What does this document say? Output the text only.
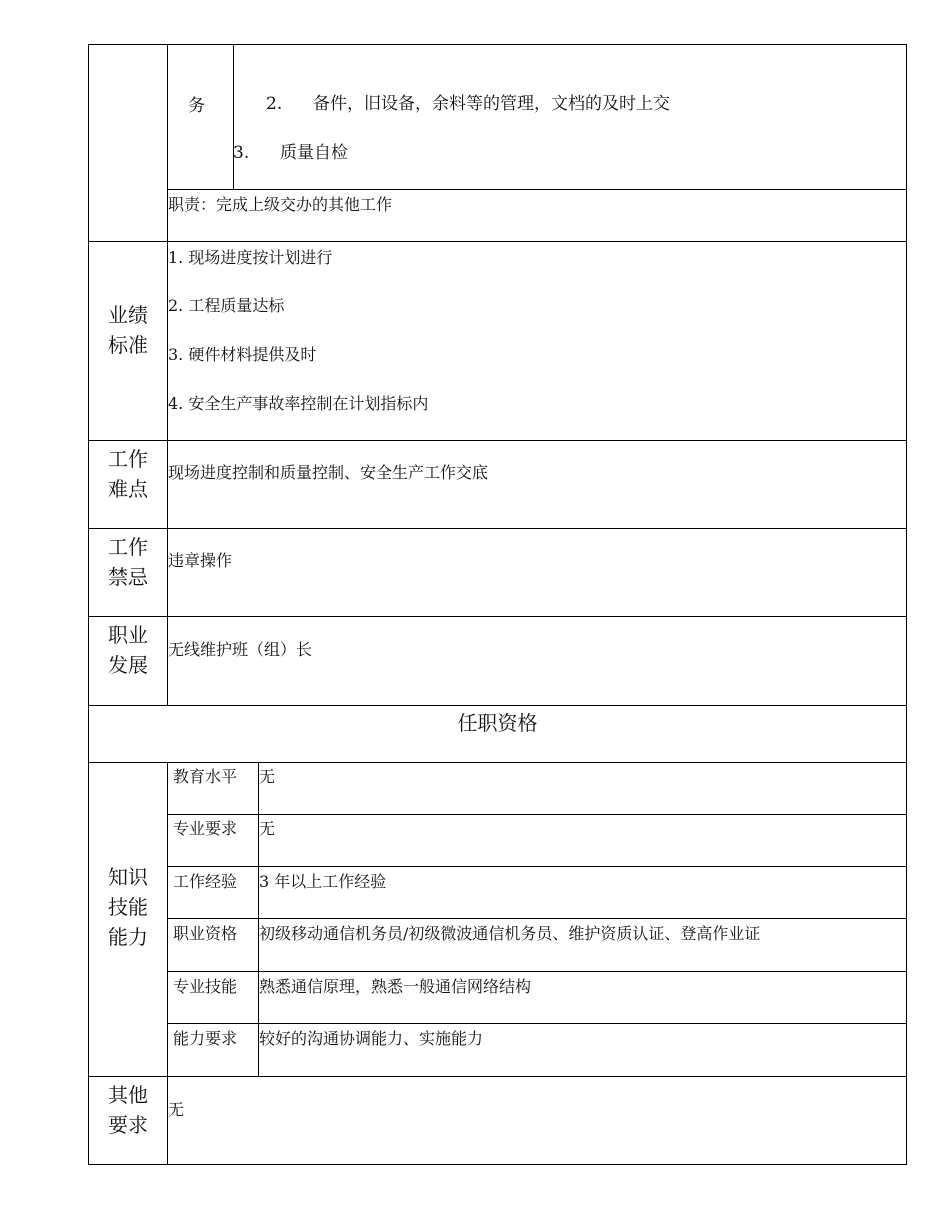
务	2. 备件，旧设备，余料等的管理，文档的及时上交
3. 质量自检
职责：完成上级交办的其他工作
业绩
标准
1. 现场进度按计划进行
2. 工程质量达标
3. 硬件材料提供及时
4. 安全生产事故率控制在计划指标内
工作
难点
现场进度控制和质量控制、安全生产工作交底
工作
禁忌
违章操作
职业
发展
无线维护班（组）长
任职资格
知识
技能
能力
教育水平 无
专业要求 无
工作经验 3 年以上工作经验
职业资格 初级移动通信机务员/初级微波通信机务员、维护资质认证、登高作业证
专业技能 熟悉通信原理，熟悉一般通信网络结构
能力要求 较好的沟通协调能力、实施能力
其他
要求
无
